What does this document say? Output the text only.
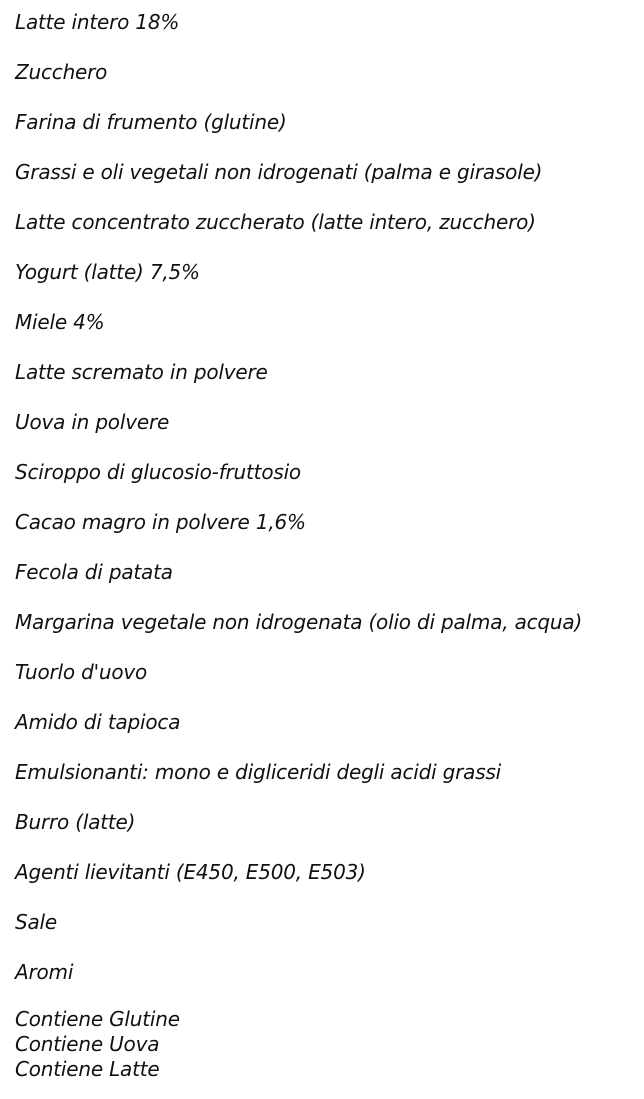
Latte intero 18%
Zucchero
Farina di frumento (glutine)
Grassi e oli vegetali non idrogenati (palma e girasole)
Latte concentrato zuccherato (latte intero, zucchero)
Yogurt (latte) 7,5%
Miele 4%
Latte scremato in polvere
Uova in polvere
Sciroppo di glucosio-fruttosio
Cacao magro in polvere 1,6%
Fecola di patata
Margarina vegetale non idrogenata (olio di palma, acqua)
Tuorlo d'uovo
Amido di tapioca
Emulsionanti: mono e digliceridi degli acidi grassi
Burro (latte)
Agenti lievitanti (E450, E500, E503)
Sale
Aromi
Contiene Glutine
Contiene Uova
Contiene Latte
